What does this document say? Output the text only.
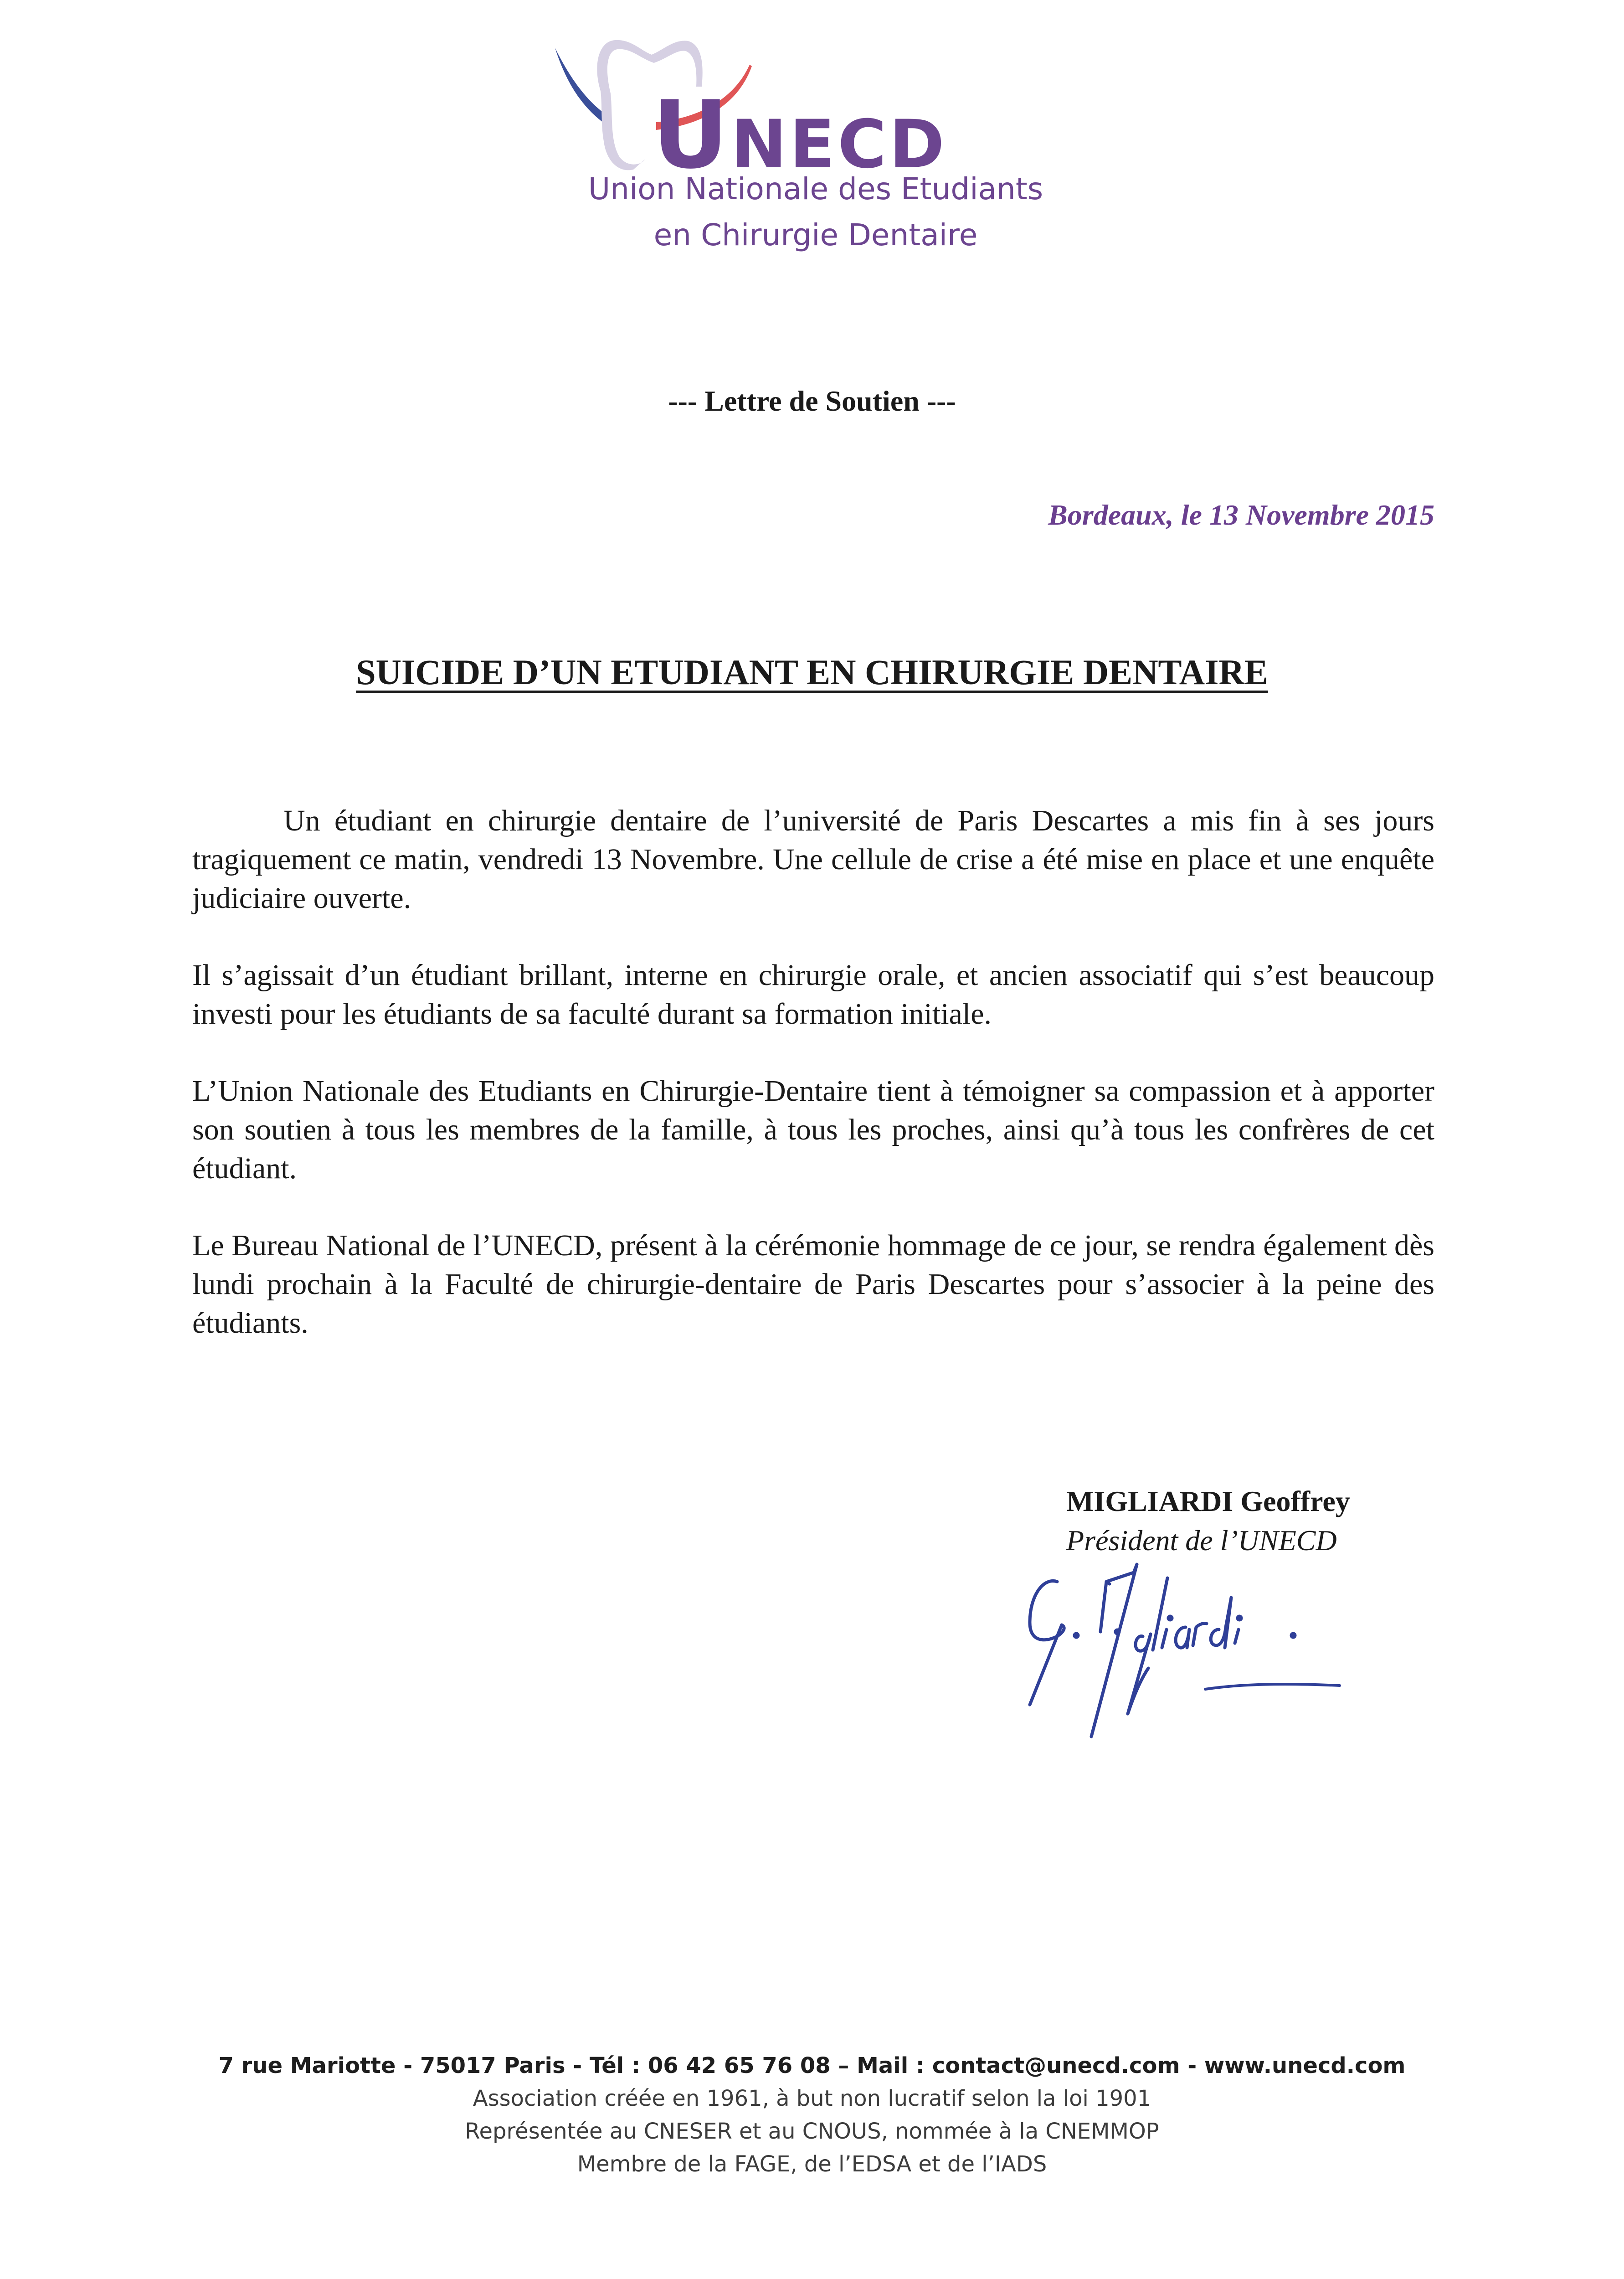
UNECD
Union Nationale des Etudiants
en Chirurgie Dentaire
--- Lettre de Soutien ---
Bordeaux, le 13 Novembre 2015
SUICIDE D’UN ETUDIANT EN CHIRURGIE DENTAIRE

Un étudiant en chirurgie dentaire de l’université de Paris Descartes a mis fin à ses jours tragiquement ce matin, vendredi 13 Novembre. Une cellule de crise a été mise en place et une enquête judiciaire ouverte.

Il s’agissait d’un étudiant brillant, interne en chirurgie orale, et ancien associatif qui s’est beaucoup investi pour les étudiants de sa faculté durant sa formation initiale.

L’Union Nationale des Etudiants en Chirurgie-Dentaire tient à témoigner sa compassion et à apporter son soutien à tous les membres de la famille, à tous les proches, ainsi qu’à tous les confrères de cet étudiant.

Le Bureau National de l’UNECD, présent à la cérémonie hommage de ce jour, se rendra également dès lundi prochain à la Faculté de chirurgie-dentaire de Paris Descartes pour s’associer à la peine des étudiants.

MIGLIARDI Geoffrey
Président de l’UNECD
7 rue Mariotte - 75017 Paris - Tél : 06 42 65 76 08 – Mail : contact@unecd.com - www.unecd.com
Association créée en 1961, à but non lucratif selon la loi 1901
Représentée au CNESER et au CNOUS, nommée à la CNEMMOP
Membre de la FAGE, de l’EDSA et de l’IADS
